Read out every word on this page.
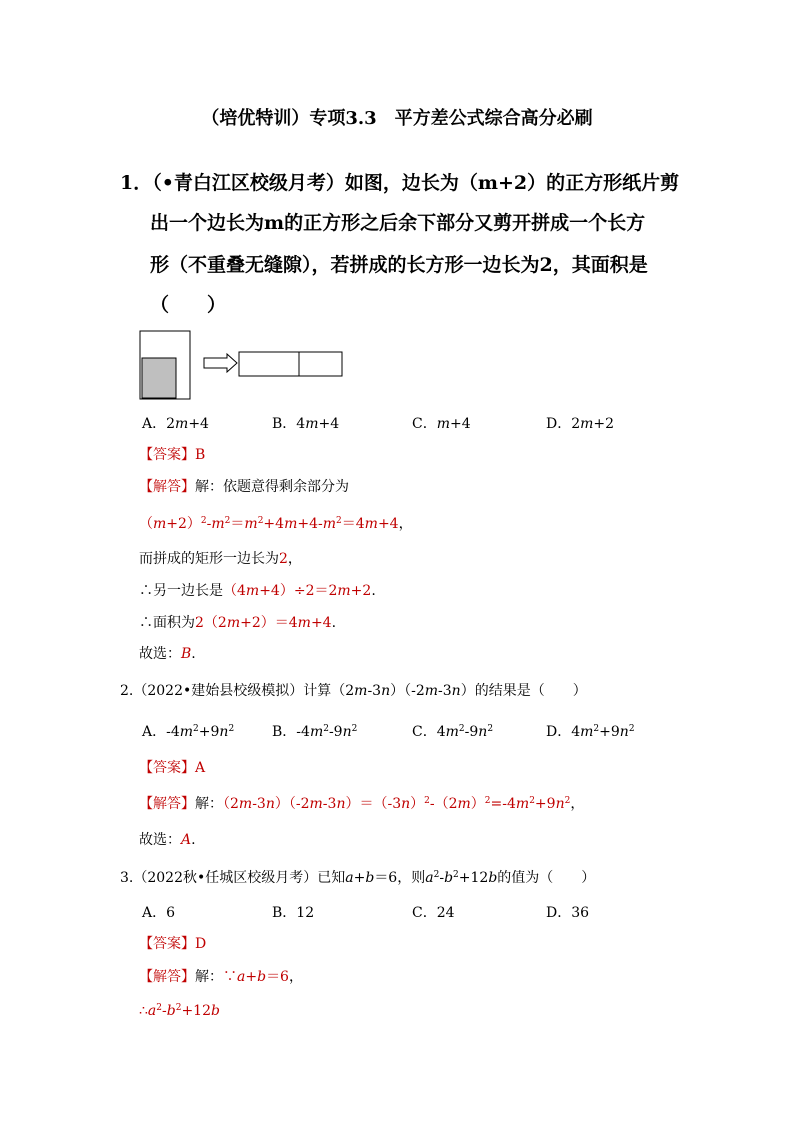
（培优特训）专项3.3　平方差公式综合高分必刷
1．（•青白江区校级月考）如图，边长为（m+2）的正方形纸片剪
出一个边长为m的正方形之后余下部分又剪开拼成一个长方
形（不重叠无缝隙），若拼成的长方形一边长为2，其面积是
（　　）
A．2m+4	B．4m+4	C．m+4	D．2m+2
【答案】B
【解答】解：依题意得剩余部分为
$(m+2)^2-m^2=m^2+4m+4-m^2=4m+4$，
而拼成的矩形一边长为2，
∴另一边长是（4m+4）÷2＝2m+2.
∴面积为2（2m+2）＝4m+4.
故选：B.
2.（2022•建始县校级模拟）计算（2m-3n）（-2m-3n）的结果是（　　）
A．$-4m^2+9n^2$	B．$-4m^2-9n^2$	C．$4m^2-9n^2$	D．$4m^2+9n^2$
【答案】A
【解答】解：$(2m-3n)(-2m-3n)=(-3n)^2-(2m)^2=-4m^2+9n^2$，
故选：A.
3.（2022秋•任城区校级月考）已知a+b＝6，则$a^2-b^2+12b$的值为（　　）
A．6	B．12	C．24	D．36
【答案】D
【解答】解：∵a+b＝6，
$\therefore a^2-b^2+12b$
